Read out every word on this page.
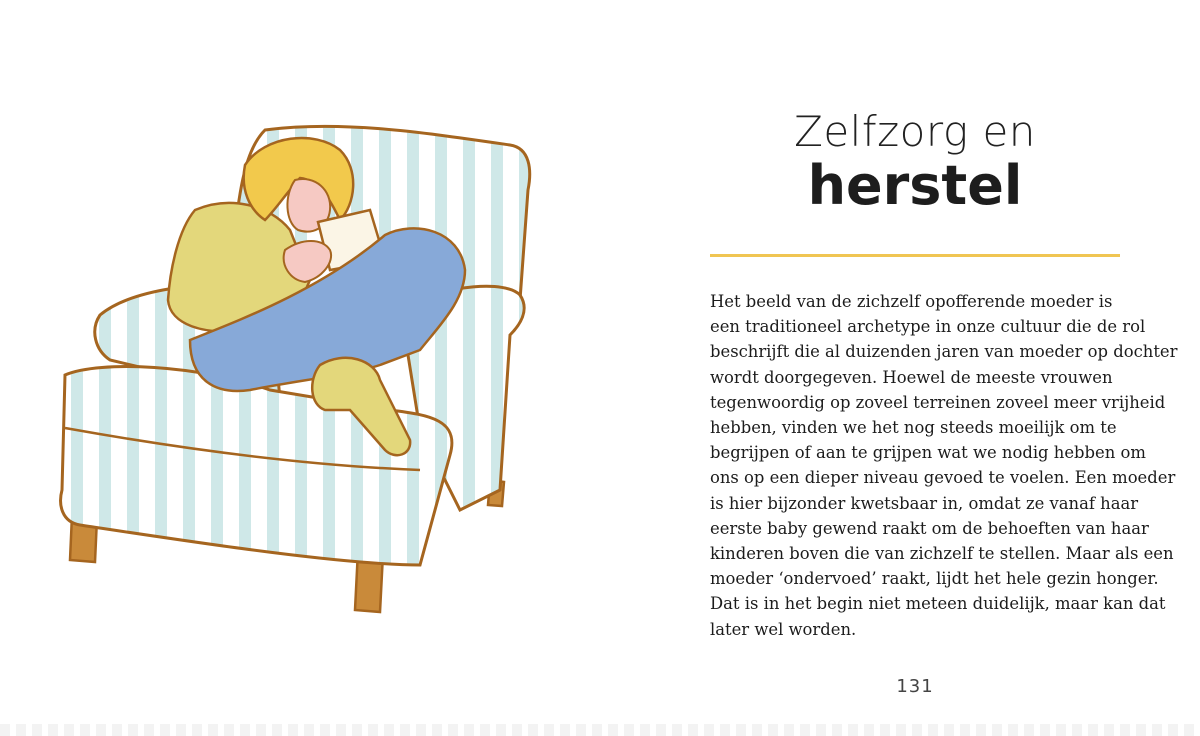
Zelfzorg en
herstel

Het beeld van de zichzelf opofferende moeder is
een traditioneel archetype in onze cultuur die de rol
beschrijft die al duizenden jaren van moeder op dochter
wordt doorgegeven. Hoewel de meeste vrouwen
tegenwoordig op zoveel terreinen zoveel meer vrijheid
hebben, vinden we het nog steeds moeilijk om te
begrijpen of aan te grijpen wat we nodig hebben om
ons op een dieper niveau gevoed te voelen. Een moeder
is hier bijzonder kwetsbaar in, omdat ze vanaf haar
eerste baby gewend raakt om de behoeften van haar
kinderen boven die van zichzelf te stellen. Maar als een
moeder ‘ondervoed’ raakt, lijdt het hele gezin honger.
Dat is in het begin niet meteen duidelijk, maar kan dat
later wel worden.

131
